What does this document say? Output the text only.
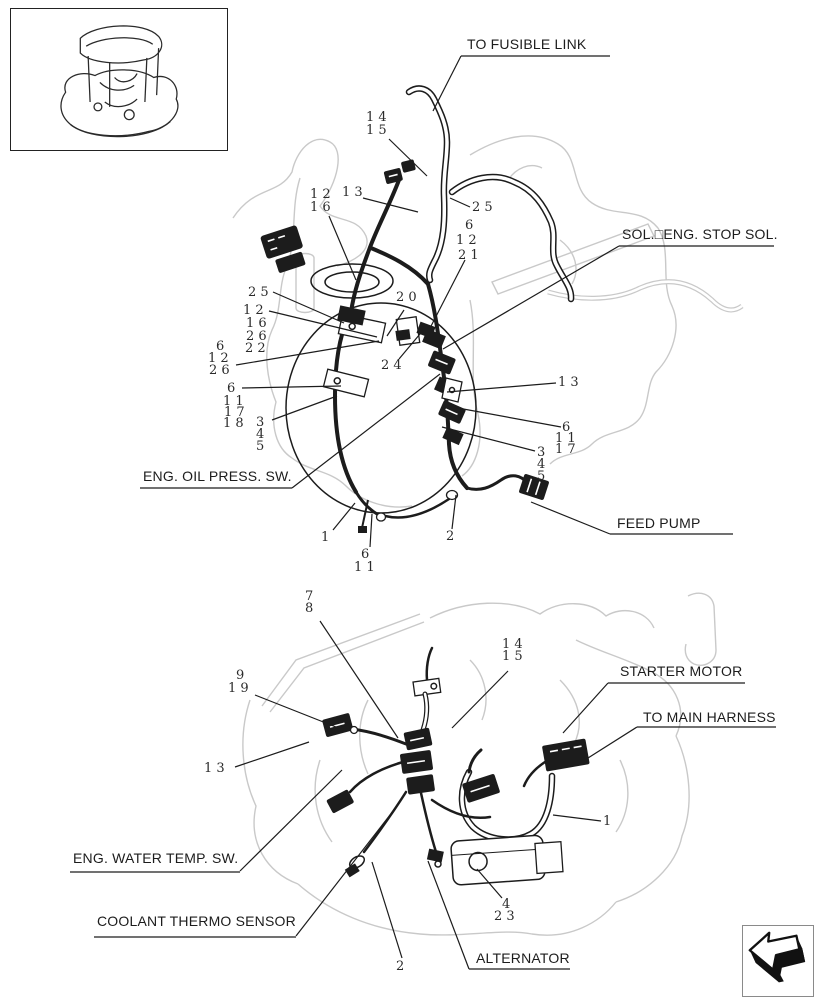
TO FUSIBLE LINK
SOL.□ENG. STOP SOL.
ENG. OIL PRESS. SW.
FEED PUMP
STARTER MOTOR
TO MAIN HARNESS
ENG. WATER TEMP. SW.
COOLANT THERMO SENSOR
ALTERNATOR
1 4
1 5
1 2
1 6
1 3
2 5
6
1 2
2 1
2 5
1 2
1 6
2 6
2 2
6
1 2
2 6
2 0
2 4
6
1 1
1 7
1 8 3
4
5
1 3
6
1 1
1 7
3
4
5
1
6
1 1
2
7
8
9
1 9
1 4
1 5
1 3
4
2 3
2
1
